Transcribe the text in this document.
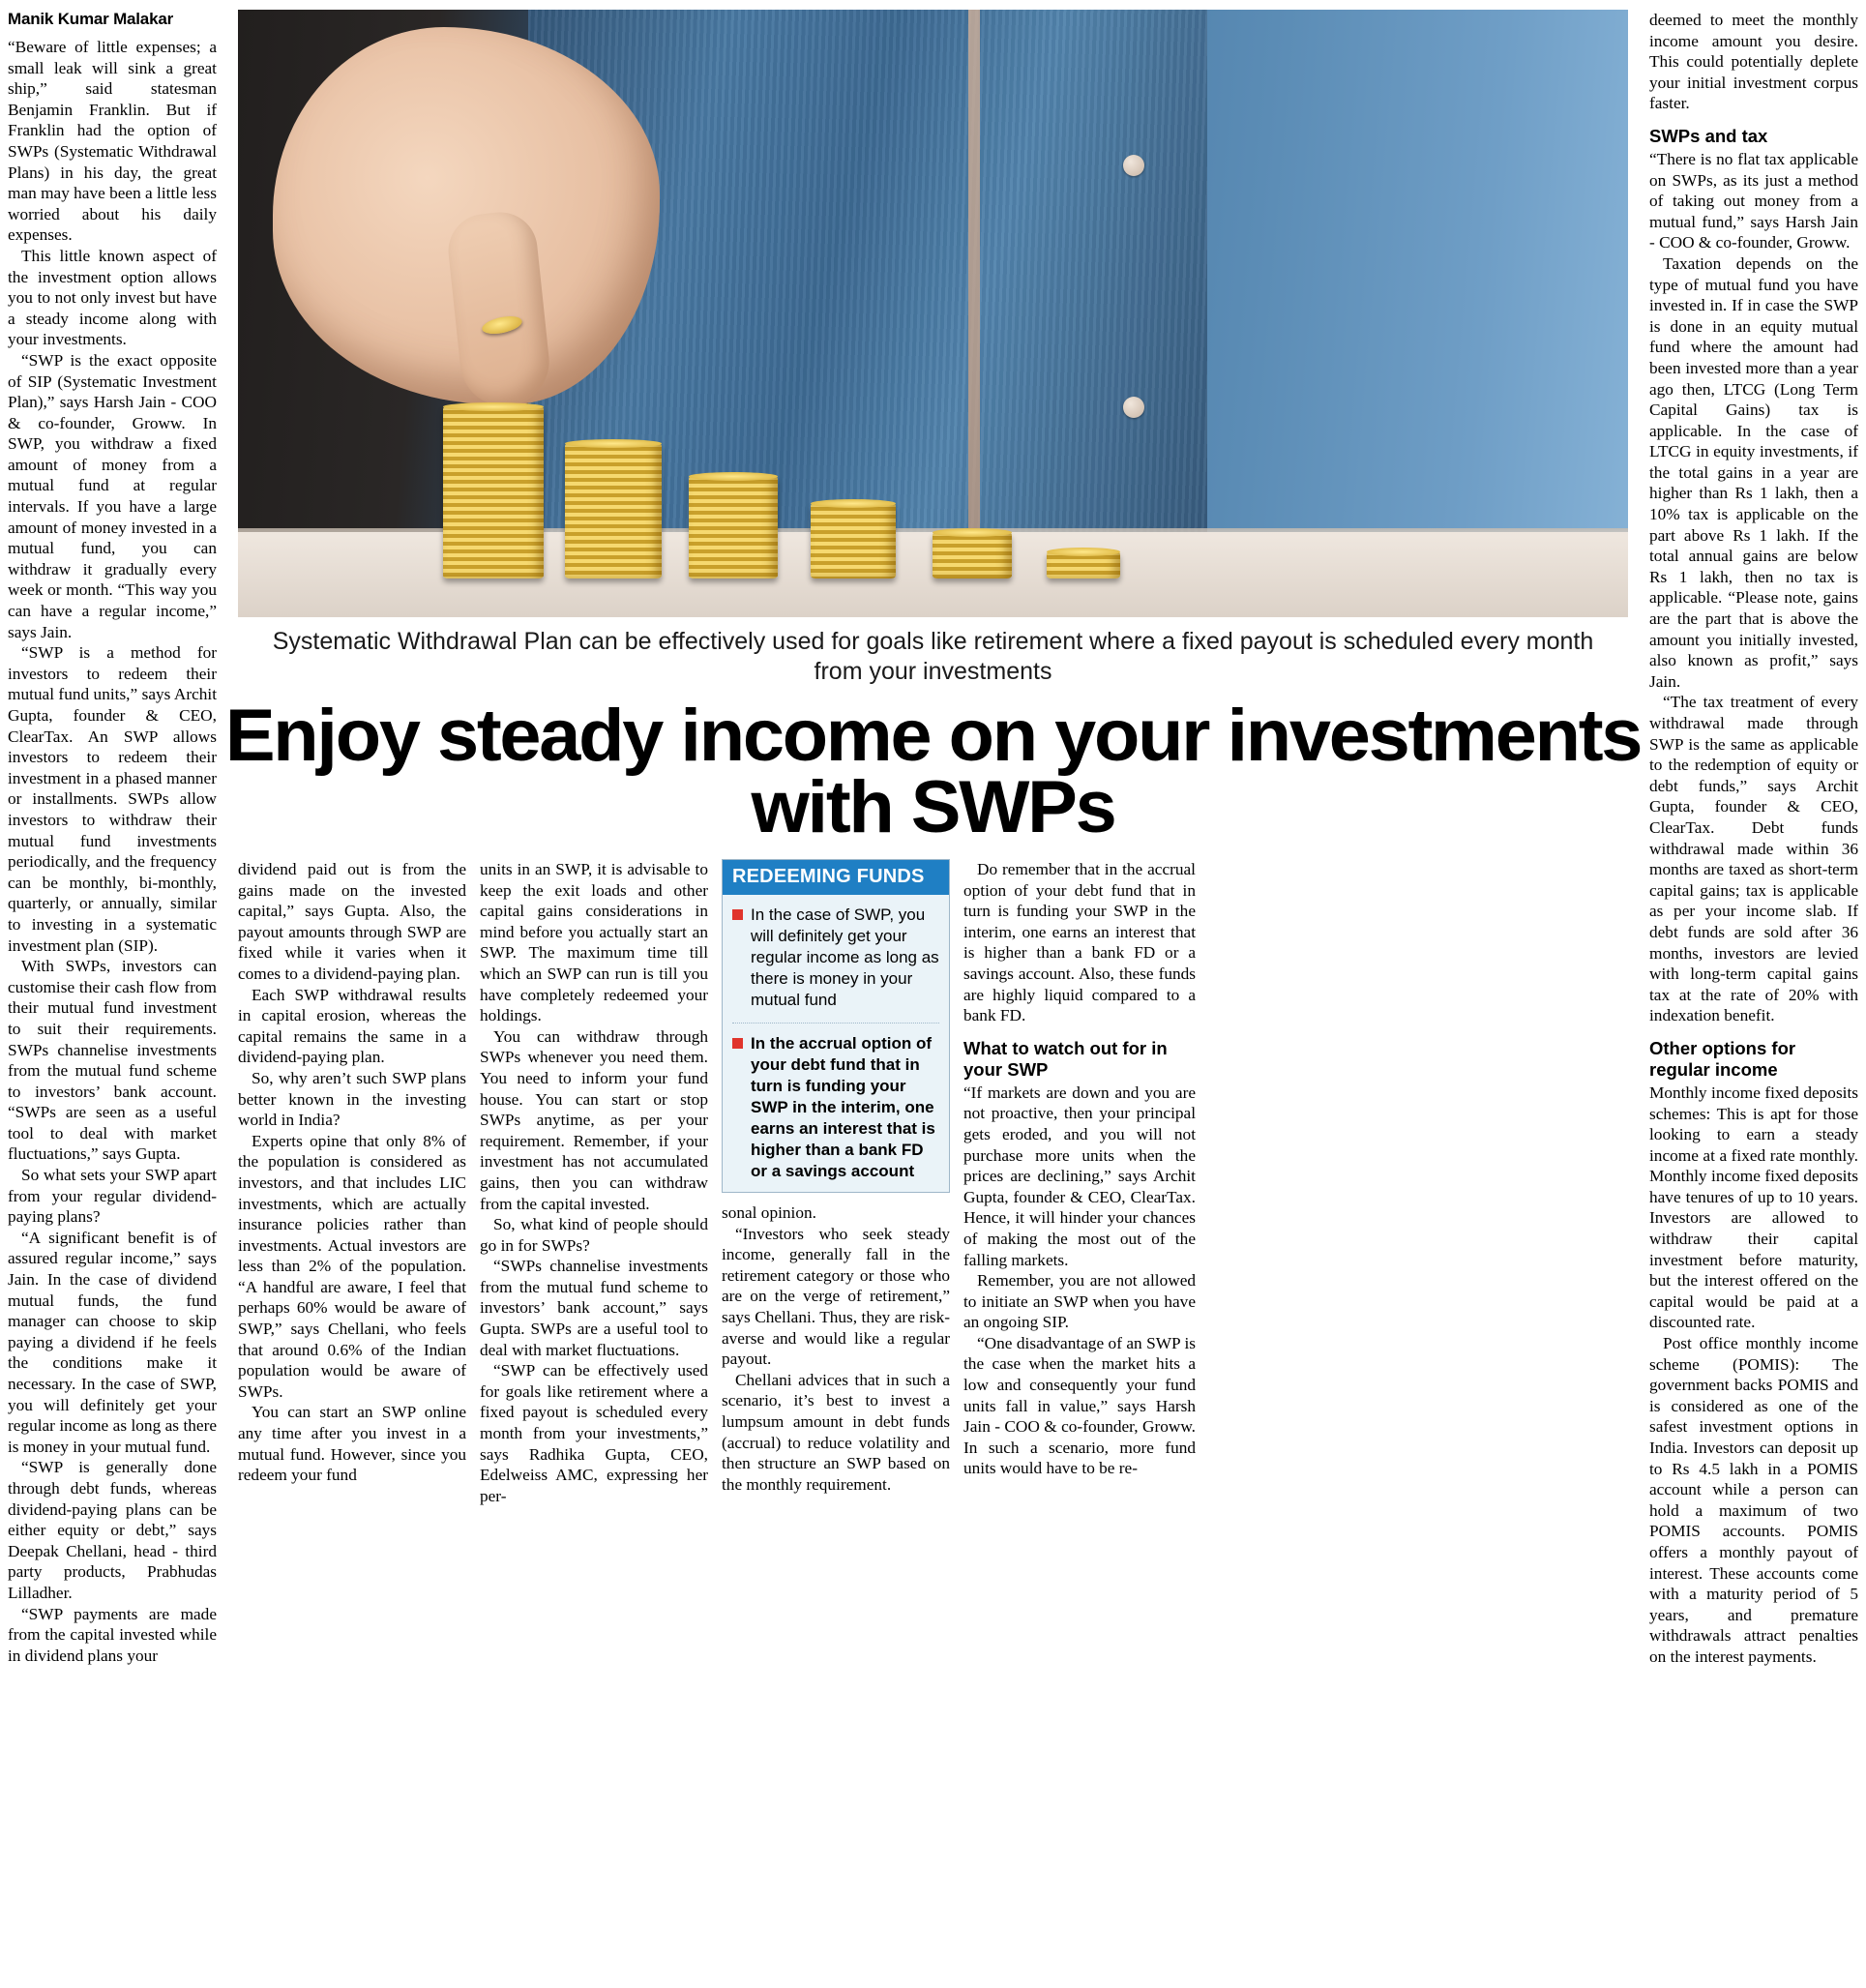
Manik Kumar Malakar

“Beware of little expenses; a small leak will sink a great ship,” said statesman Benjamin Franklin. But if Franklin had the option of SWPs (Systematic Withdrawal Plans) in his day, the great man may have been a little less worried about his daily expenses.

This little known aspect of the investment option allows you to not only invest but have a steady income along with your investments.

“SWP is the exact opposite of SIP (Systematic Investment Plan),” says Harsh Jain - COO & co-founder, Groww. In SWP, you withdraw a fixed amount of money from a mutual fund at regular intervals. If you have a large amount of money invested in a mutual fund, you can withdraw it gradually every week or month. “This way you can have a regular income,” says Jain.

“SWP is a method for investors to redeem their mutual fund units,” says Archit Gupta, founder & CEO, ClearTax. An SWP allows investors to redeem their investment in a phased manner or installments. SWPs allow investors to withdraw their mutual fund investments periodically, and the frequency can be monthly, bi-monthly, quarterly, or annually, similar to investing in a systematic investment plan (SIP).

With SWPs, investors can customise their cash flow from their mutual fund investment to suit their requirements. SWPs channelise investments from the mutual fund scheme to investors’ bank account. “SWPs are seen as a useful tool to deal with market fluctuations,” says Gupta.

So what sets your SWP apart from your regular dividend-paying plans?

“A significant benefit is of assured regular income,” says Jain. In the case of dividend mutual funds, the fund manager can choose to skip paying a dividend if he feels the conditions make it necessary. In the case of SWP, you will definitely get your regular income as long as there is money in your mutual fund.

“SWP is generally done through debt funds, whereas dividend-paying plans can be either equity or debt,” says Deepak Chellani, head - third party products, Prabhudas Lilladher.

“SWP payments are made from the capital invested while in dividend plans your

Systematic Withdrawal Plan can be effectively used for goals like retirement where a fixed payout is scheduled every month from your investments
Enjoy steady income on your investments with SWPs

dividend paid out is from the gains made on the invested capital,” says Gupta. Also, the payout amounts through SWP are fixed while it varies when it comes to a dividend-paying plan.

Each SWP withdrawal results in capital erosion, whereas the capital remains the same in a dividend-paying plan.

So, why aren’t such SWP plans better known in the investing world in India?

Experts opine that only 8% of the population is considered as investors, and that includes LIC investments, which are actually insurance policies rather than investments. Actual investors are less than 2% of the population. “A handful are aware, I feel that perhaps 60% would be aware of SWP,” says Chellani, who feels that around 0.6% of the Indian population would be aware of SWPs.

You can start an SWP online any time after you invest in a mutual fund. However, since you redeem your fund

units in an SWP, it is advisable to keep the exit loads and other capital gains considerations in mind before you actually start an SWP. The maximum time till which an SWP can run is till you have completely redeemed your holdings.

You can withdraw through SWPs whenever you need them. You need to inform your fund house. You can start or stop SWPs anytime, as per your requirement. Remember, if your investment has not accumulated gains, then you can withdraw from the capital invested.

So, what kind of people should go in for SWPs?

“SWPs channelise investments from the mutual fund scheme to investors’ bank account,” says Gupta. SWPs are a useful tool to deal with market fluctuations.

“SWP can be effectively used for goals like retirement where a fixed payout is scheduled every month from your investments,” says Radhika Gupta, CEO, Edelweiss AMC, expressing her per-

REDEEMING FUNDS
In the case of SWP, you will definitely get your regular income as long as there is money in your mutual fund
In the accrual option of your debt fund that in turn is funding your SWP in the interim, one earns an interest that is higher than a bank FD or a savings account

sonal opinion.

“Investors who seek steady income, generally fall in the retirement category or those who are on the verge of retirement,” says Chellani. Thus, they are risk-averse and would like a regular payout.

Chellani advices that in such a scenario, it’s best to invest a lumpsum amount in debt funds (accrual) to reduce volatility and then structure an SWP based on the monthly requirement.

Do remember that in the accrual option of your debt fund that in turn is funding your SWP in the interim, one earns an interest that is higher than a bank FD or a savings account. Also, these funds are highly liquid compared to a bank FD.

What to watch out for in your SWP

“If markets are down and you are not proactive, then your principal gets eroded, and you will not purchase more units when the prices are declining,” says Archit Gupta, founder & CEO, ClearTax. Hence, it will hinder your chances of making the most out of the falling markets.

Remember, you are not allowed to initiate an SWP when you have an ongoing SIP.

“One disadvantage of an SWP is the case when the market hits a low and consequently your fund units fall in value,” says Harsh Jain - COO & co-founder, Groww. In such a scenario, more fund units would have to be re-

deemed to meet the monthly income amount you desire. This could potentially deplete your initial investment corpus faster.

SWPs and tax

“There is no flat tax applicable on SWPs, as its just a method of taking out money from a mutual fund,” says Harsh Jain - COO & co-founder, Groww.

Taxation depends on the type of mutual fund you have invested in. If in case the SWP is done in an equity mutual fund where the amount had been invested more than a year ago then, LTCG (Long Term Capital Gains) tax is applicable. In the case of LTCG in equity investments, if the total gains in a year are higher than Rs 1 lakh, then a 10% tax is applicable on the part above Rs 1 lakh. If the total annual gains are below Rs 1 lakh, then no tax is applicable. “Please note, gains are the part that is above the amount you initially invested, also known as profit,” says Jain.

“The tax treatment of every withdrawal made through SWP is the same as applicable to the redemption of equity or debt funds,” says Archit Gupta, founder & CEO, ClearTax. Debt funds withdrawal made within 36 months are taxed as short-term capital gains; tax is applicable as per your income slab. If debt funds are sold after 36 months, investors are levied with long-term capital gains tax at the rate of 20% with indexation benefit.

Other options for regular income

Monthly income fixed deposits schemes: This is apt for those looking to earn a steady income at a fixed rate monthly. Monthly income fixed deposits have tenures of up to 10 years. Investors are allowed to withdraw their capital investment before maturity, but the interest offered on the capital would be paid at a discounted rate.

Post office monthly income scheme (POMIS): The government backs POMIS and is considered as one of the safest investment options in India. Investors can deposit up to Rs 4.5 lakh in a POMIS account while a person can hold a maximum of two POMIS accounts. POMIS offers a monthly payout of interest. These accounts come with a maturity period of 5 years, and premature withdrawals attract penalties on the interest payments.
